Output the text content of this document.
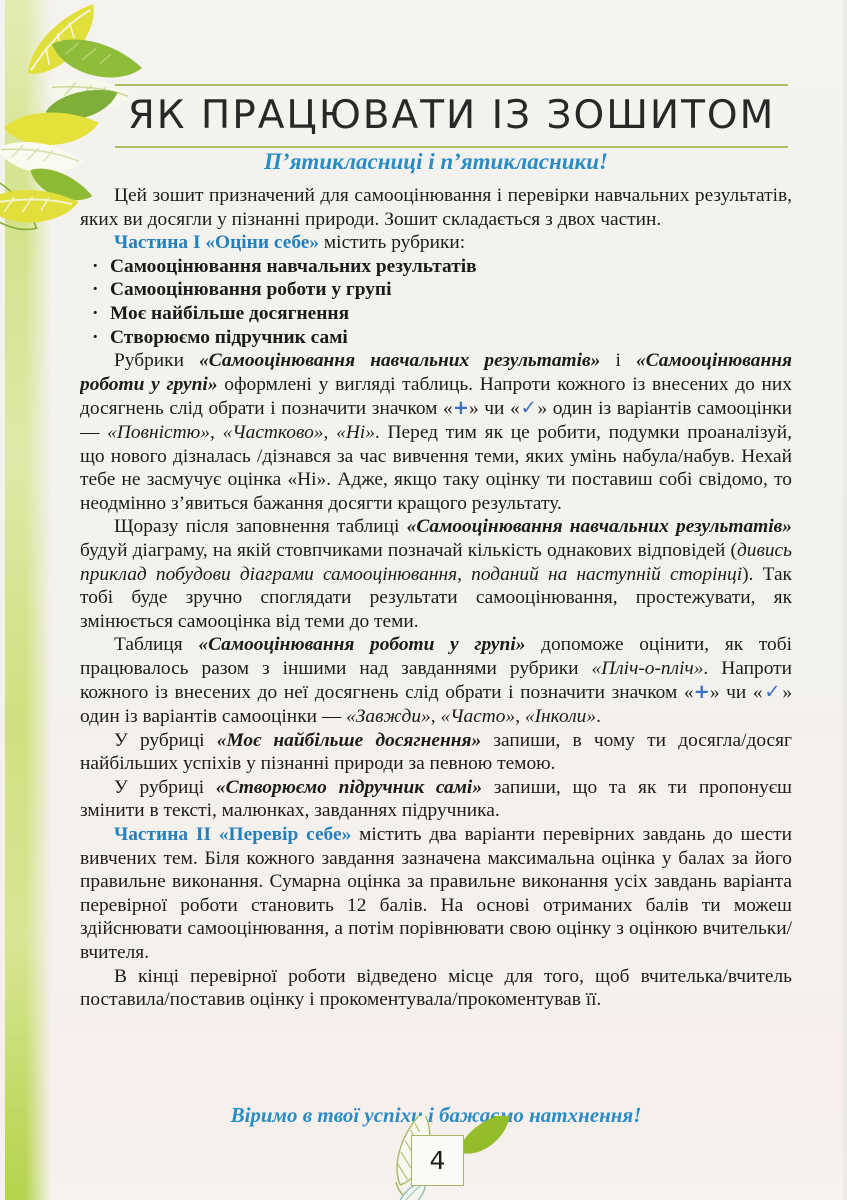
ЯК ПРАЦЮВАТИ ІЗ ЗОШИТОМ
П’ятикласниці і п’ятикласники!

Цей зошит призначений для самооцінювання і перевірки навчальних результатів, яких ви досягли у пізнанні природи. Зошит складається з двох частин.

Частина I «Оціни себе» містить рубрики:

· Самооцінювання навчальних результатів
· Самооцінювання роботи у групі
· Моє найбільше досягнення
· Створюємо підручник самі

Рубрики «Самооцінювання навчальних результатів» і «Самооцінювання роботи у групі» оформлені у вигляді таблиць. Напроти кожного із внесених до них досягнень слід обрати і позначити значком «+» чи «✓» один із варіантів самооцінки — «Повністю», «Частково», «Ні». Перед тим як це робити, подумки проаналізуй, що нового дізналась /дізнався за час вивчення теми, яких умінь набула/набув. Нехай тебе не засмучує оцінка «Ні». Адже, якщо таку оцінку ти поставиш собі свідомо, то неодмінно з’явиться бажання досягти кращого результату.

Щоразу після заповнення таблиці «Самооцінювання навчальних результатів» будуй діаграму, на якій стовпчиками позначай кількість однакових відповідей (дивись приклад побудови діаграми самооцінювання, поданий на наступній сторінці). Так тобі буде зручно споглядати результати самооцінювання, простежувати, як змінюється самооцінка від теми до теми.

Таблиця «Самооцінювання роботи у групі» допоможе оцінити, як тобі працювалось разом з іншими над завданнями рубрики «Пліч-о-пліч». Напроти кожного із внесених до неї досягнень слід обрати і позначити значком «+» чи «✓» один із варіантів самооцінки — «Завжди», «Часто», «Інколи».

У рубриці «Моє найбільше досягнення» запиши, в чому ти досягла/досяг найбільших успіхів у пізнанні природи за певною темою.

У рубриці «Створюємо підручник самі» запиши, що та як ти пропонуєш змінити в тексті, малюнках, завданнях підручника.

Частина II «Перевір себе» містить два варіанти перевірних завдань до шести вивчених тем. Біля кожного завдання зазначена максимальна оцінка у балах за його правильне виконання. Сумарна оцінка за правильне виконання усіх завдань варіанта перевірної роботи становить 12 балів. На основі отриманих балів ти можеш здійснювати самооцінювання, а потім порівнювати свою оцінку з оцінкою вчительки/вчителя.

В кінці перевірної роботи відведено місце для того, щоб вчителька/вчитель поставила/поставив оцінку і прокоментувала/прокоментував її.

Віримо в твої успіхи і бажаємо натхнення!
4
